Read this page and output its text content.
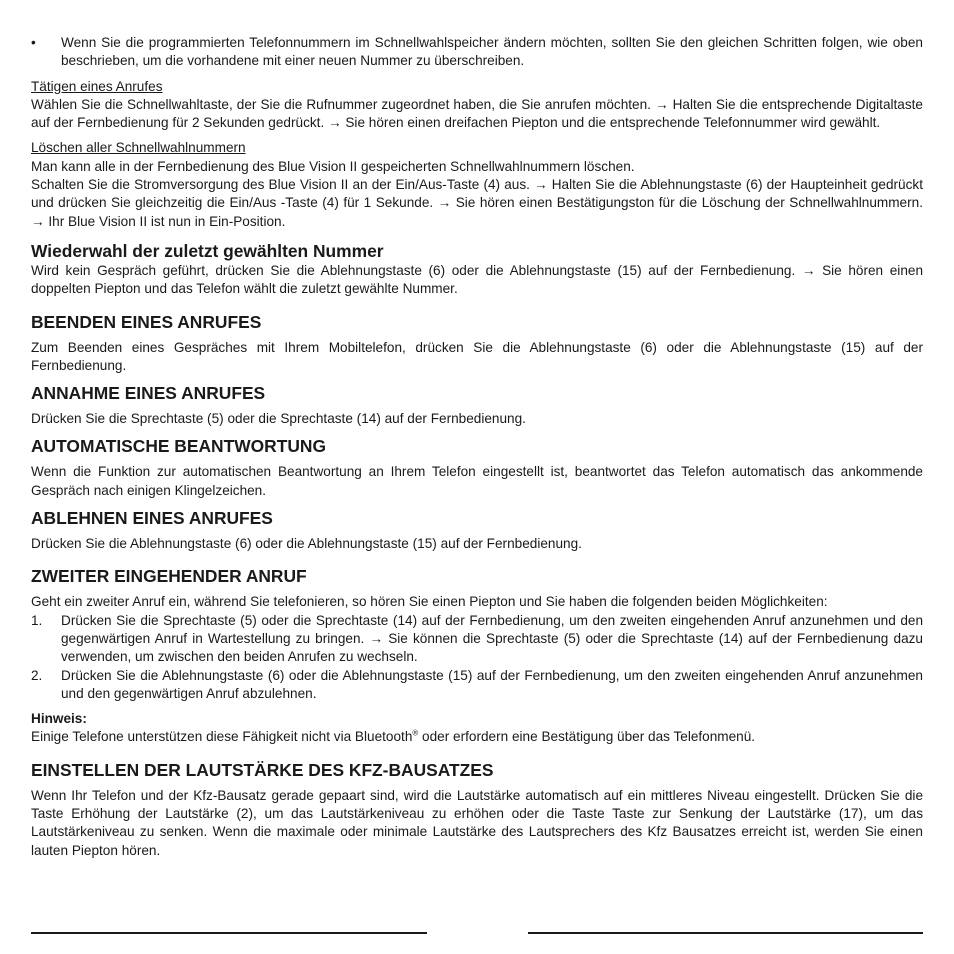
• Wenn Sie die programmierten Telefonnummern im Schnellwahlspeicher ändern möchten, sollten Sie den gleichen Schritten folgen, wie oben beschrieben, um die vorhandene mit einer neuen Nummer zu überschreiben.

Tätigen eines Anrufes

Wählen Sie die Schnellwahltaste, der Sie die Rufnummer zugeordnet haben, die Sie anrufen möchten. → Halten Sie die entsprechende Digitaltaste auf der Fernbedienung für 2 Sekunden gedrückt. → Sie hören einen dreifachen Piepton und die entsprechende Telefonnummer wird gewählt.

Löschen aller Schnellwahlnummern

Man kann alle in der Fernbedienung des Blue Vision II gespeicherten Schnellwahlnummern löschen.

Schalten Sie die Stromversorgung des Blue Vision II an der Ein/Aus-Taste (4) aus. → Halten Sie die Ablehnungstaste (6) der Haupteinheit gedrückt und drücken Sie gleichzeitig die Ein/Aus -Taste (4) für 1 Sekunde. → Sie hören einen Bestätigungston für die Löschung der Schnellwahlnummern. → Ihr Blue Vision II ist nun in Ein-Position.

Wiederwahl der zuletzt gewählten Nummer

Wird kein Gespräch geführt, drücken Sie die Ablehnungstaste (6) oder die Ablehnungstaste (15) auf der Fernbedienung. → Sie hören einen doppelten Piepton und das Telefon wählt die zuletzt gewählte Nummer.

BEENDEN EINES ANRUFES

Zum Beenden eines Gespräches mit Ihrem Mobiltelefon, drücken Sie die Ablehnungstaste (6) oder die Ablehnungstaste (15) auf der Fernbedienung.

ANNAHME EINES ANRUFES

Drücken Sie die Sprechtaste (5) oder die Sprechtaste (14) auf der Fernbedienung.

AUTOMATISCHE BEANTWORTUNG

Wenn die Funktion zur automatischen Beantwortung an Ihrem Telefon eingestellt ist, beantwortet das Telefon automatisch das ankommende Gespräch nach einigen Klingelzeichen.

ABLEHNEN EINES ANRUFES

Drücken Sie die Ablehnungstaste (6) oder die Ablehnungstaste (15) auf der Fernbedienung.

ZWEITER EINGEHENDER ANRUF

Geht ein zweiter Anruf ein, während Sie telefonieren, so hören Sie einen Piepton und Sie haben die folgenden beiden Möglichkeiten:

1. Drücken Sie die Sprechtaste (5) oder die Sprechtaste (14) auf der Fernbedienung, um den zweiten eingehenden Anruf anzunehmen und den gegenwärtigen Anruf in Wartestellung zu bringen. → Sie können die Sprechtaste (5) oder die Sprechtaste (14) auf der Fernbedienung dazu verwenden, um zwischen den beiden Anrufen zu wechseln.
2. Drücken Sie die Ablehnungstaste (6) oder die Ablehnungstaste (15) auf der Fernbedienung, um den zweiten eingehenden Anruf anzunehmen und den gegenwärtigen Anruf abzulehnen.

Hinweis:

Einige Telefone unterstützen diese Fähigkeit nicht via Bluetooth® oder erfordern eine Bestätigung über das Telefonmenü.

EINSTELLEN DER LAUTSTÄRKE DES KFZ-BAUSATZES

Wenn Ihr Telefon und der Kfz-Bausatz gerade gepaart sind, wird die Lautstärke automatisch auf ein mittleres Niveau eingestellt. Drücken Sie die Taste Erhöhung der Lautstärke (2), um das Lautstärkeniveau zu erhöhen oder die Taste Taste zur Senkung der Lautstärke (17), um das Lautstärkeniveau zu senken. Wenn die maximale oder minimale Lautstärke des Lautsprechers des Kfz Bausatzes erreicht ist, werden Sie einen lauten Piepton hören.
